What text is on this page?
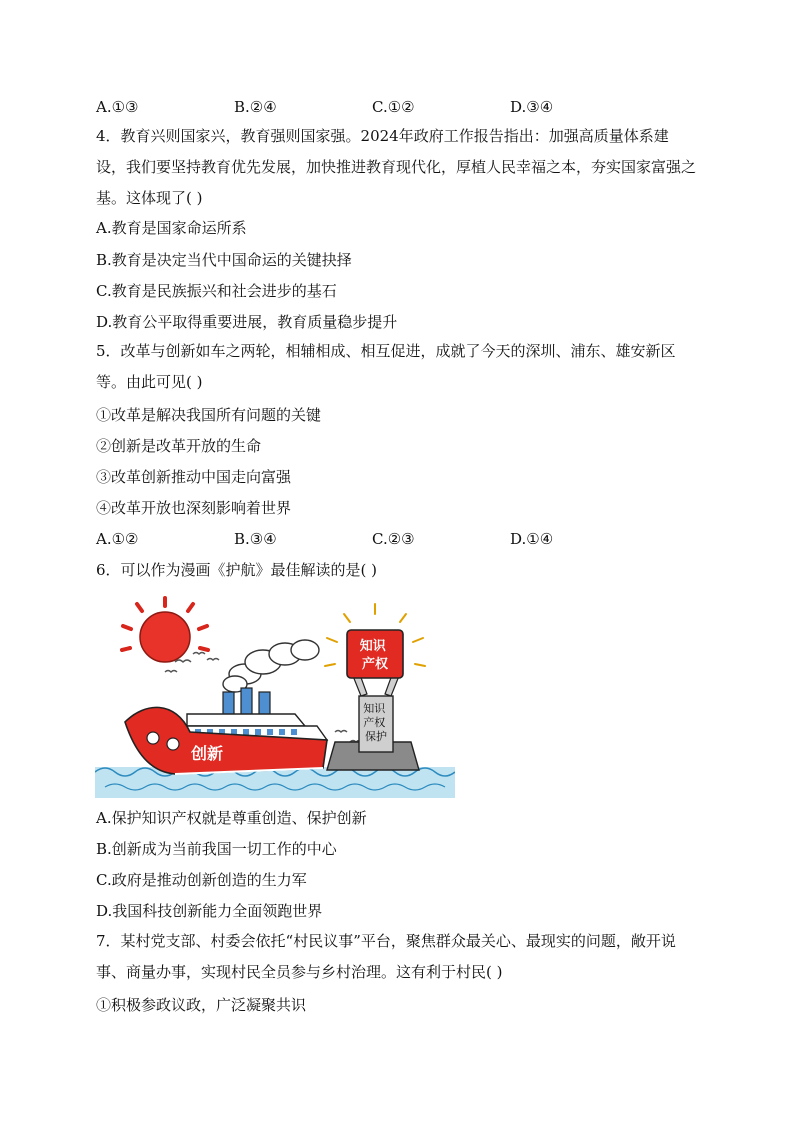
A.①③	B.②④	C.①②	D.③④
4．教育兴则国家兴，教育强则国家强。2024年政府工作报告指出：加强高质量体系建设，我们要坚持教育优先发展，加快推进教育现代化，厚植人民幸福之本，夯实国家富强之基。这体现了( )
A.教育是国家命运所系
B.教育是决定当代中国命运的关键抉择
C.教育是民族振兴和社会进步的基石
D.教育公平取得重要进展，教育质量稳步提升
5．改革与创新如车之两轮，相辅相成、相互促进，成就了今天的深圳、浦东、雄安新区等。由此可见( )
①改革是解决我国所有问题的关键
②创新是改革开放的生命
③改革创新推动中国走向富强
④改革开放也深刻影响着世界
A.①②	B.③④	C.②③	D.①④
6．可以作为漫画《护航》最佳解读的是( )
创新
知识 产权 保护
知识 产权
A.保护知识产权就是尊重创造、保护创新
B.创新成为当前我国一切工作的中心
C.政府是推动创新创造的生力军
D.我国科技创新能力全面领跑世界
7．某村党支部、村委会依托“村民议事”平台，聚焦群众最关心、最现实的问题，敞开说事、商量办事，实现村民全员参与乡村治理。这有利于村民( )
①积极参政议政，广泛凝聚共识
